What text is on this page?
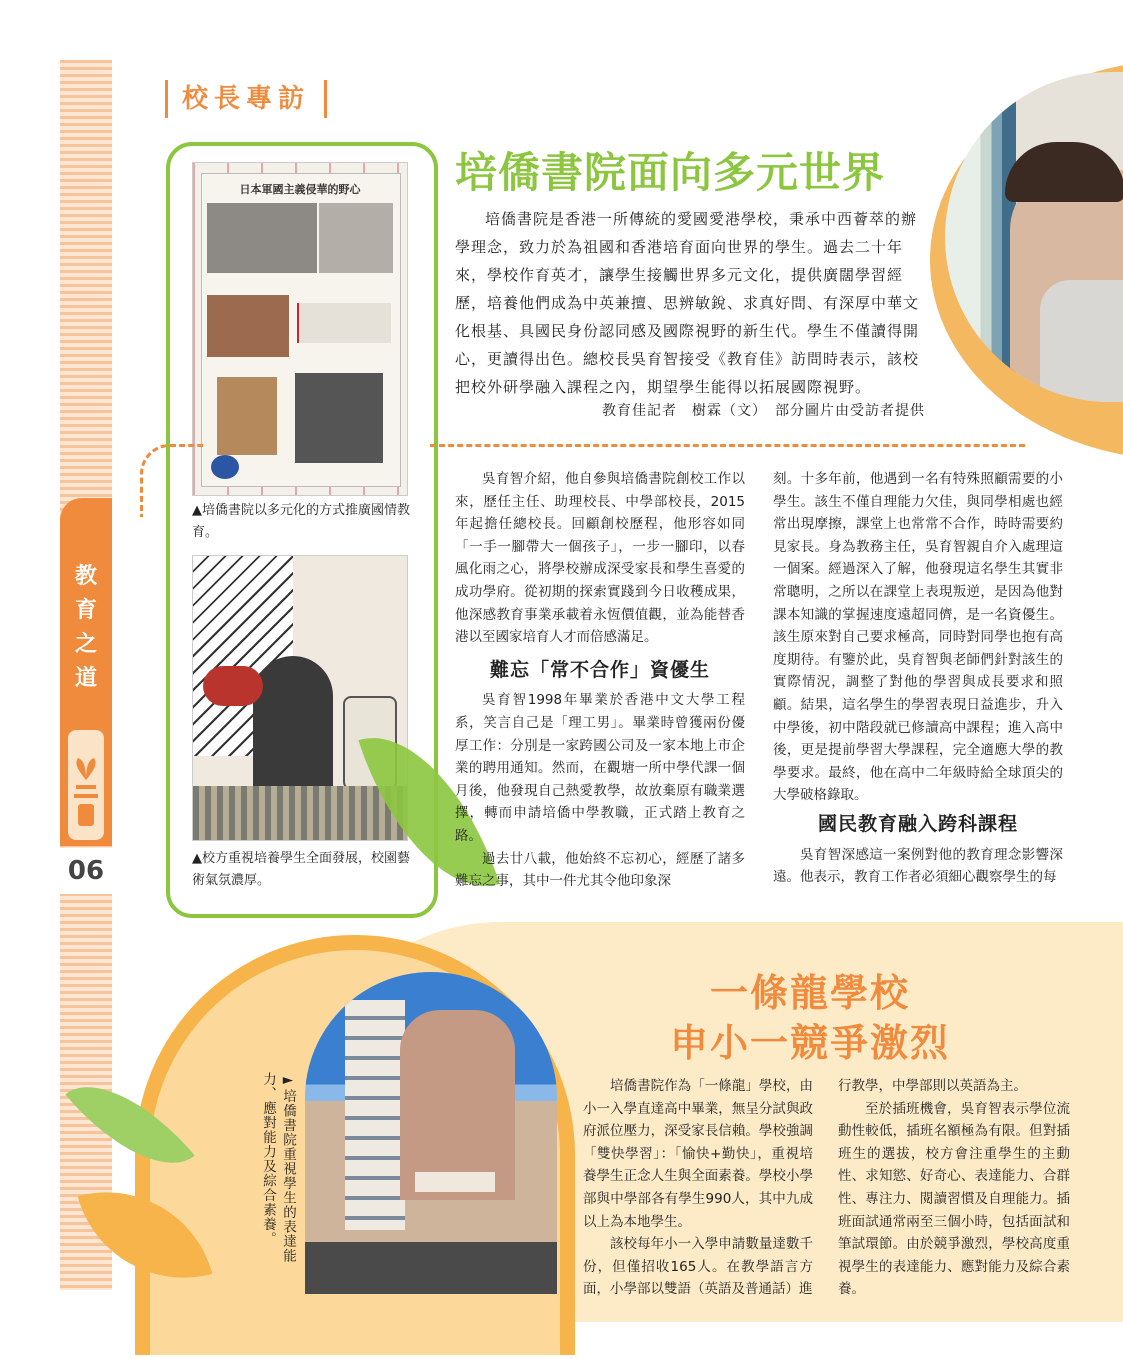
教
育
之
道
06
校長專訪
日本軍國主義侵華的野心
▲培僑書院以多元化的方式推廣國情教育。
▲校方重視培養學生全面發展，校園藝術氣氛濃厚。
培僑書院面向多元世界

培僑書院是香港一所傳統的愛國愛港學校，秉承中西薈萃的辦學理念，致力於為祖國和香港培育面向世界的學生。過去二十年來，學校作育英才，讓學生接觸世界多元文化，提供廣闊學習經歷，培養他們成為中英兼擅、思辨敏銳、求真好問、有深厚中華文化根基、具國民身份認同感及國際視野的新生代。學生不僅讀得開心，更讀得出色。總校長吳育智接受《教育佳》訪問時表示，該校把校外研學融入課程之內，期望學生能得以拓展國際視野。

教育佳記者　樹霖（文）　部分圖片由受訪者提供

吳育智介紹，他自參與培僑書院創校工作以來，歷任主任、助理校長、中學部校長，2015年起擔任總校長。回顧創校歷程，他形容如同「一手一腳帶大一個孩子」，一步一腳印，以春風化雨之心，將學校辦成深受家長和學生喜愛的成功學府。從初期的探索實踐到今日收穫成果，他深感教育事業承載着永恆價值觀，並為能替香港以至國家培育人才而倍感滿足。

難忘「常不合作」資優生

吳育智1998年畢業於香港中文大學工程系，笑言自己是「理工男」。畢業時曾獲兩份優厚工作：分別是一家跨國公司及一家本地上市企業的聘用通知。然而，在觀塘一所中學代課一個月後，他發現自己熱愛教學，故放棄原有職業選擇，轉而申請培僑中學教職，正式踏上教育之路。

過去廿八載，他始終不忘初心，經歷了諸多難忘之事，其中一件尤其令他印象深

刻。十多年前，他遇到一名有特殊照顧需要的小學生。該生不僅自理能力欠佳，與同學相處也經常出現摩擦，課堂上也常常不合作，時時需要約見家長。身為教務主任，吳育智親自介入處理這一個案。經過深入了解，他發現這名學生其實非常聰明，之所以在課堂上表現叛逆，是因為他對課本知識的掌握速度遠超同儕，是一名資優生。該生原來對自己要求極高，同時對同學也抱有高度期待。有鑒於此，吳育智與老師們針對該生的實際情況，調整了對他的學習與成長要求和照顧。結果，這名學生的學習表現日益進步，升入中學後，初中階段就已修讀高中課程；進入高中後，更是提前學習大學課程，完全適應大學的教學要求。最終，他在高中二年級時給全球頂尖的大學破格錄取。

國民教育融入跨科課程

吳育智深感這一案例對他的教育理念影響深遠。他表示，教育工作者必須細心觀察學生的每

►培僑書院重視學生的表達能力、應對能力及綜合素養。
一條龍學校
申小一競爭激烈

培僑書院作為「一條龍」學校，由小一入學直達高中畢業，無呈分試與政府派位壓力，深受家長信賴。學校強調「雙快學習」：「愉快+勤快」，重視培養學生正念人生與全面素養。學校小學部與中學部各有學生990人，其中九成以上為本地學生。

該校每年小一入學申請數量達數千份，但僅招收165人。在教學語言方面，小學部以雙語（英語及普通話）進

行教學，中學部則以英語為主。

至於插班機會，吳育智表示學位流動性較低，插班名額極為有限。但對插班生的選拔，校方會注重學生的主動性、求知慾、好奇心、表達能力、合群性、專注力、閱讀習慣及自理能力。插班面試通常兩至三個小時，包括面試和筆試環節。由於競爭激烈，學校高度重視學生的表達能力、應對能力及綜合素養。
